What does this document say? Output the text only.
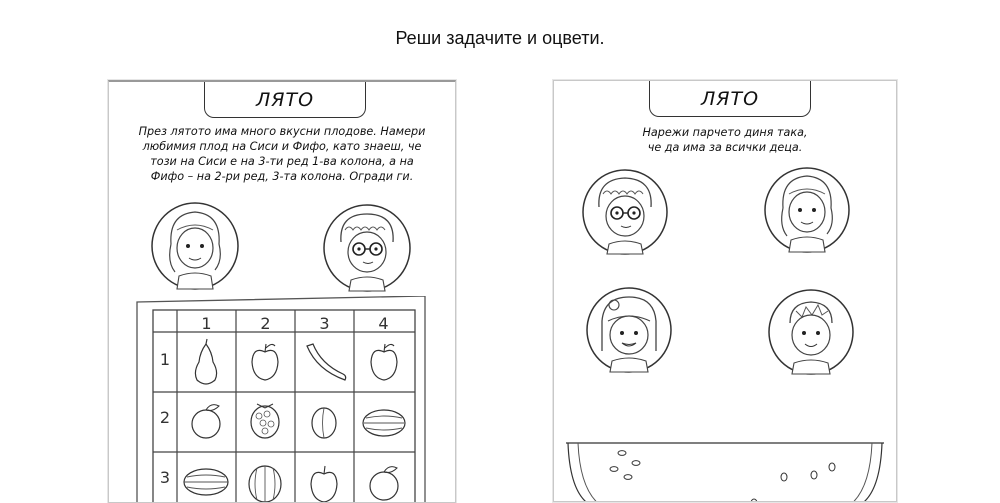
Реши задачите и оцвети.
ЛЯТО
През лятото има много вкусни плодове. Намери
любимия плод на Сиси и Фифо, като знаеш, че
този на Сиси е на 3-ти ред 1-ва колона, а на
Фифо – на 2-ри ред, 3-та колона. Огради ги.
1	2	3	4
1
2
3
ЛЯТО
Нарежи парчето диня така,
че да има за всички деца.
